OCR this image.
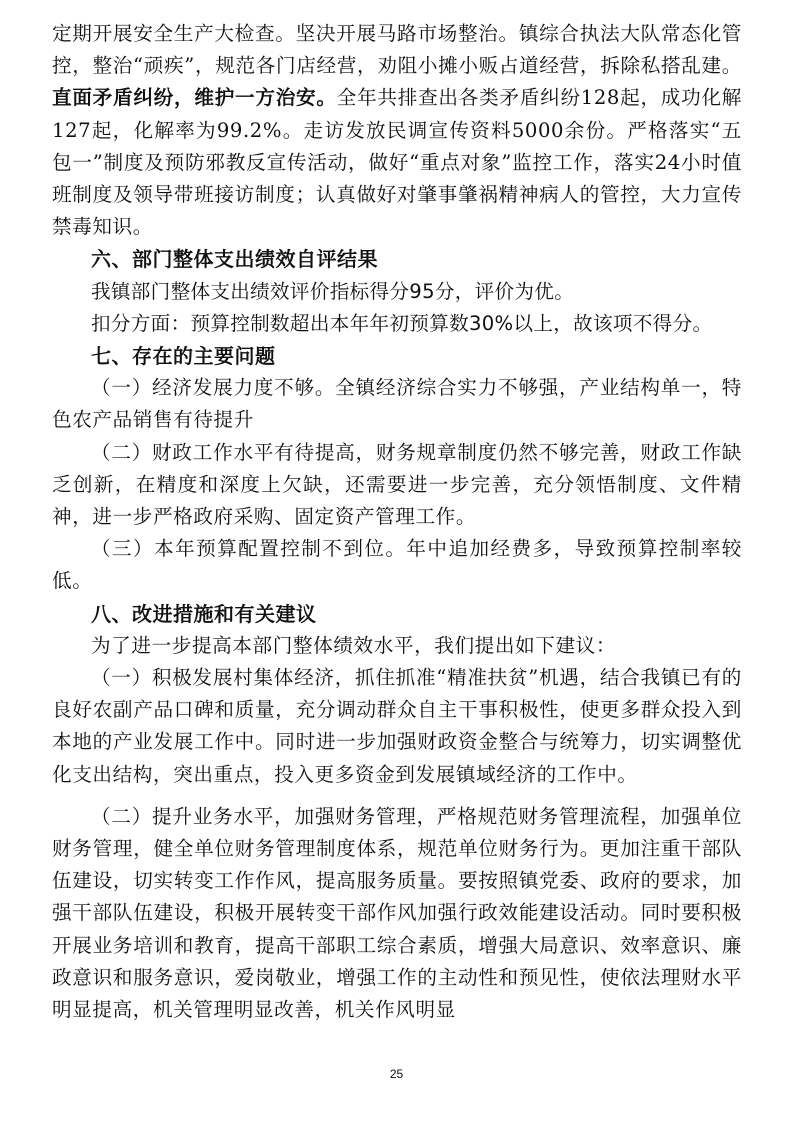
定期开展安全生产大检查。坚决开展马路市场整治。镇综合执法大队常态化管控，整治“顽疾”，规范各门店经营，劝阻小摊小贩占道经营，拆除私搭乱建。直面矛盾纠纷，维护一方治安。全年共排查出各类矛盾纠纷128起，成功化解127起，化解率为99.2%。走访发放民调宣传资料5000余份。严格落实“五包一”制度及预防邪教反宣传活动，做好“重点对象”监控工作，落实24小时值班制度及领导带班接访制度；认真做好对肇事肇祸精神病人的管控，大力宣传禁毒知识。

六、部门整体支出绩效自评结果

我镇部门整体支出绩效评价指标得分95分，评价为优。

扣分方面：预算控制数超出本年年初预算数30%以上，故该项不得分。

七、存在的主要问题

（一）经济发展力度不够。全镇经济综合实力不够强，产业结构单一，特色农产品销售有待提升

（二）财政工作水平有待提高，财务规章制度仍然不够完善，财政工作缺乏创新，在精度和深度上欠缺，还需要进一步完善，充分领悟制度、文件精神，进一步严格政府采购、固定资产管理工作。

（三）本年预算配置控制不到位。年中追加经费多，导致预算控制率较低。

八、改进措施和有关建议

为了进一步提高本部门整体绩效水平，我们提出如下建议：

（一）积极发展村集体经济，抓住抓准“精准扶贫”机遇，结合我镇已有的良好农副产品口碑和质量，充分调动群众自主干事积极性，使更多群众投入到本地的产业发展工作中。同时进一步加强财政资金整合与统筹力，切实调整优化支出结构，突出重点，投入更多资金到发展镇域经济的工作中。

（二）提升业务水平，加强财务管理，严格规范财务管理流程，加强单位财务管理，健全单位财务管理制度体系，规范单位财务行为。更加注重干部队伍建设，切实转变工作作风，提高服务质量。要按照镇党委、政府的要求，加强干部队伍建设，积极开展转变干部作风加强行政效能建设活动。同时要积极开展业务培训和教育，提高干部职工综合素质，增强大局意识、效率意识、廉政意识和服务意识，爱岗敬业，增强工作的主动性和预见性，使依法理财水平明显提高，机关管理明显改善，机关作风明显

25
